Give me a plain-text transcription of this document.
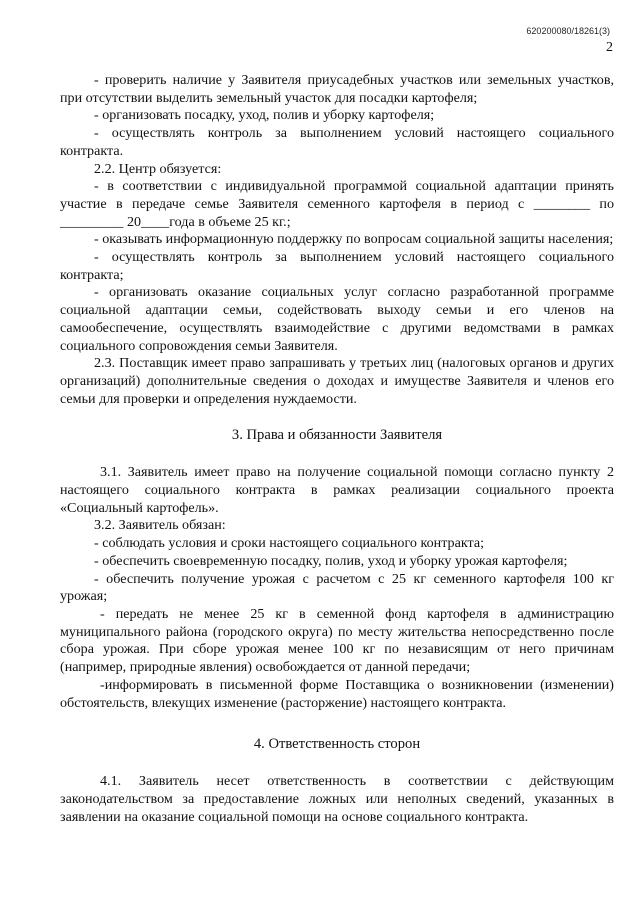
620200080/18261(3)
2

- проверить наличие у Заявителя приусадебных участков или земельных участков, при отсутствии выделить земельный участок для посадки картофеля;

- организовать посадку, уход, полив и уборку картофеля;

- осуществлять контроль за выполнением условий настоящего социального контракта.

2.2. Центр обязуется:

- в соответствии с индивидуальной программой социальной адаптации принять участие в передаче семье Заявителя семенного картофеля в период с ________ по _________ 20____года в объеме 25 кг.;

- оказывать информационную поддержку по вопросам социальной защиты населения;

- осуществлять контроль за выполнением условий настоящего социального контракта;

- организовать оказание социальных услуг согласно разработанной программе социальной адаптации семьи, содействовать выходу семьи и его членов на самообеспечение, осуществлять взаимодействие с другими ведомствами в рамках социального сопровождения семьи Заявителя.

2.3. Поставщик имеет право запрашивать у третьих лиц (налоговых органов и других организаций) дополнительные сведения о доходах и имуществе Заявителя и членов его семьи для проверки и определения нуждаемости.

3. Права и обязанности Заявителя

3.1. Заявитель имеет право на получение социальной помощи согласно пункту 2 настоящего социального контракта в рамках реализации социального проекта «Социальный картофель».

3.2. Заявитель обязан:

- соблюдать условия и сроки настоящего социального контракта;

- обеспечить своевременную посадку, полив, уход и уборку урожая картофеля;

- обеспечить получение урожая с расчетом с 25 кг семенного картофеля 100 кг урожая;

- передать не менее 25 кг в семенной фонд картофеля в администрацию муниципального района (городского округа) по месту жительства непосредственно после сбора урожая. При сборе урожая менее 100 кг по независящим от него причинам (например, природные явления) освобождается от данной передачи;

-информировать в письменной форме Поставщика о возникновении (изменении) обстоятельств, влекущих изменение (расторжение) настоящего контракта.

4. Ответственность сторон

4.1. Заявитель несет ответственность в соответствии с действующим законодательством за предоставление ложных или неполных сведений, указанных в заявлении на оказание социальной помощи на основе социального контракта.
